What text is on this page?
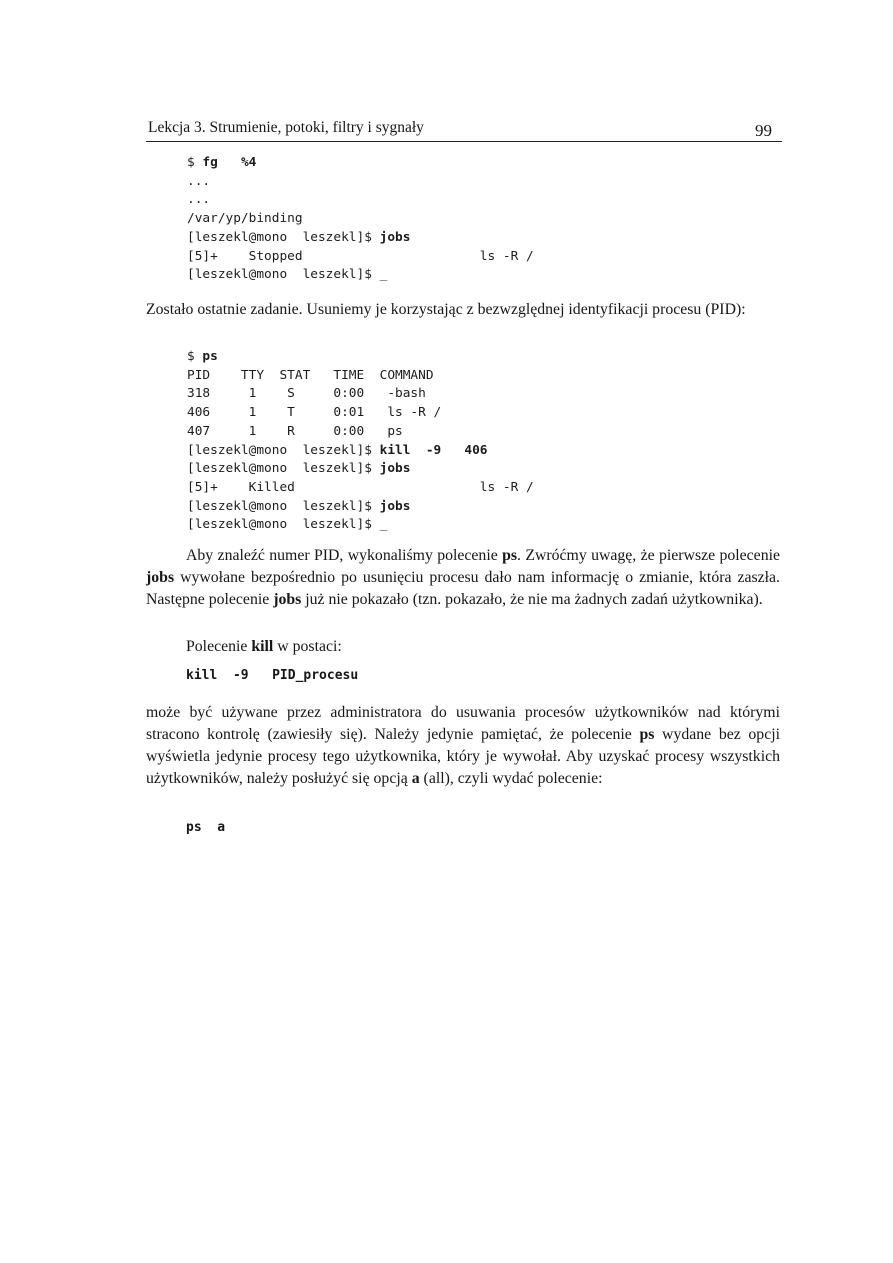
Lekcja 3. Strumienie, potoki, filtry i sygnały	99
$ fg   %4
...
...
/var/yp/binding
[leszekl@mono  leszekl]$ jobs
[5]+    Stopped                       ls -R /
[leszekl@mono  leszekl]$ _

Zostało ostatnie zadanie. Usuniemy je korzystając z bezwzględnej identyfikacji procesu (PID):

$ ps
PID    TTY  STAT   TIME  COMMAND
318     1    S     0:00   -bash
406     1    T     0:01   ls -R /
407     1    R     0:00   ps
[leszekl@mono  leszekl]$ kill  -9   406
[leszekl@mono  leszekl]$ jobs
[5]+    Killed                        ls -R /
[leszekl@mono  leszekl]$ jobs
[leszekl@mono  leszekl]$ _

Aby znaleźć numer PID, wykonaliśmy polecenie ps. Zwróćmy uwagę, że pierwsze polecenie jobs wywołane bezpośrednio po usunięciu procesu dało nam informację o zmianie, która zaszła. Następne polecenie jobs już nie pokazało (tzn. pokazało, że nie ma żadnych zadań użytkownika).

Polecenie kill w postaci:

kill  -9   PID_procesu

może być używane przez administratora do usuwania procesów użytkowników nad którymi stracono kontrolę (zawiesiły się). Należy jedynie pamiętać, że polecenie ps wydane bez opcji wyświetla jedynie procesy tego użytkownika, który je wywołał. Aby uzyskać procesy wszystkich użytkowników, należy posłużyć się opcją a (all), czyli wydać polecenie:

ps  a
